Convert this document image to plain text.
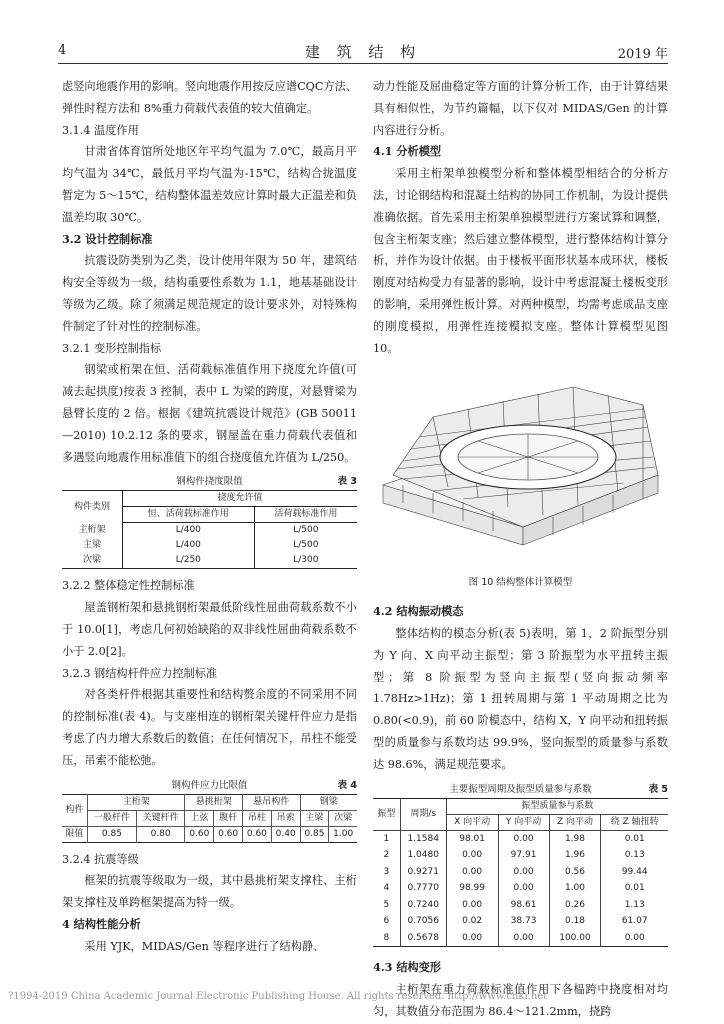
4	建 筑 结 构	2019 年

虑竖向地震作用的影响。竖向地震作用按反应谱CQC方法、弹性时程方法和 8%重力荷载代表值的较大值确定。

3.1.4 温度作用

甘肃省体育馆所处地区年平均气温为 7.0℃，最高月平均气温为 34℃，最低月平均气温为-15℃，结构合拢温度暂定为 5～15℃，结构整体温差效应计算时最大正温差和负温差均取 30℃。

3.2 设计控制标准

抗震设防类别为乙类，设计使用年限为 50 年，建筑结构安全等级为一级，结构重要性系数为 1.1，地基基础设计等级为乙级。除了须满足规范规定的设计要求外，对特殊构件制定了针对性的控制标准。

3.2.1 变形控制指标

钢梁或桁架在恒、活荷载标准值作用下挠度允许值(可减去起拱度)按表 3 控制，表中 L 为梁的跨度，对悬臂梁为悬臂长度的 2 倍。根据《建筑抗震设计规范》(GB 50011—2010) 10.2.12 条的要求，钢屋盖在重力荷载代表值和多遇竖向地震作用标准值下的组合挠度值允许值为 L/250。

钢构件挠度限值	表 3
构件类别	挠度允许值	
	恒、活荷载标准作用	活荷载标准作用
主桁架	L/400	L/500
主梁	L/400	L/500
次梁	L/250	L/300

3.2.2 整体稳定性控制标准

屋盖钢桁架和悬挑钢桁架最低阶线性屈曲荷载系数不小于 10.0[1]，考虑几何初始缺陷的双非线性屈曲荷载系数不小于 2.0[2]。

3.2.3 钢结构杆件应力控制标准

对各类杆件根据其重要性和结构赘余度的不同采用不同的控制标准(表 4)。与支座相连的钢桁架关键杆件应力是指考虑了内力增大系数后的数值；在任何情况下，吊柱不能受压，吊索不能松弛。

钢构件应力比限值	表 4
构件	主桁架		悬挑桁架		悬吊构件		钢梁	
	一般杆件	关键杆件	上弦	腹杆	吊柱	吊索	主梁	次梁
限值	0.85	0.80	0.60	0.60	0.60	0.40	0.85	1.00

3.2.4 抗震等级

框架的抗震等级取为一级，其中悬挑桁架支撑柱、主桁架支撑柱及单跨框架提高为特一级。

4 结构性能分析

采用 YJK，MIDAS/Gen 等程序进行了结构静、

动力性能及屈曲稳定等方面的计算分析工作，由于计算结果具有相似性，为节约篇幅，以下仅对 MIDAS/Gen 的计算内容进行分析。

4.1 分析模型

采用主桁架单独模型分析和整体模型相结合的分析方法，讨论钢结构和混凝土结构的协同工作机制，为设计提供准确依据。首先采用主桁架单独模型进行方案试算和调整，包含主桁架支座；然后建立整体模型，进行整体结构计算分析，并作为设计依据。由于楼板平面形状基本成环状，楼板刚度对结构受力有显著的影响，设计中考虑混凝土楼板变形的影响，采用弹性板计算。对两种模型，均需考虑成品支座的刚度模拟，用弹性连接模拟支座。整体计算模型见图 10。

图 10 结构整体计算模型

4.2 结构振动模态

整体结构的模态分析(表 5)表明，第 1，2 阶振型分别为 Y 向、X 向平动主振型；第 3 阶振型为水平扭转主振型；第 8 阶振型为竖向主振型(竖向振动频率 1.78Hz>1Hz)；第 1 扭转周期与第 1 平动周期之比为 0.80(<0.9)，前 60 阶模态中，结构 X，Y 向平动和扭转振型的质量参与系数均达 99.9%，竖向振型的质量参与系数达 98.6%，满足规范要求。

主要振型周期及振型质量参与系数	表 5
振型	周期/s	振型质量参与系数			
		X 向平动	Y 向平动	Z 向平动	绕 Z 轴扭转
1	1.1584	98.01	0.00	1.98	0.01
2	1.0480	0.00	97.91	1.96	0.13
3	0.9271	0.00	0.00	0.56	99.44
4	0.7770	98.99	0.00	1.00	0.01
5	0.7240	0.00	98.61	0.26	1.13
6	0.7056	0.02	38.73	0.18	61.07
8	0.5678	0.00	0.00	100.00	0.00

4.3 结构变形

主桁架在重力荷载标准值作用下各榀跨中挠度相对均匀，其数值分布范围为 86.4～121.2mm，挠跨

?1994-2019 China Academic Journal Electronic Publishing House. All rights reserved. http://www.cnki.net
